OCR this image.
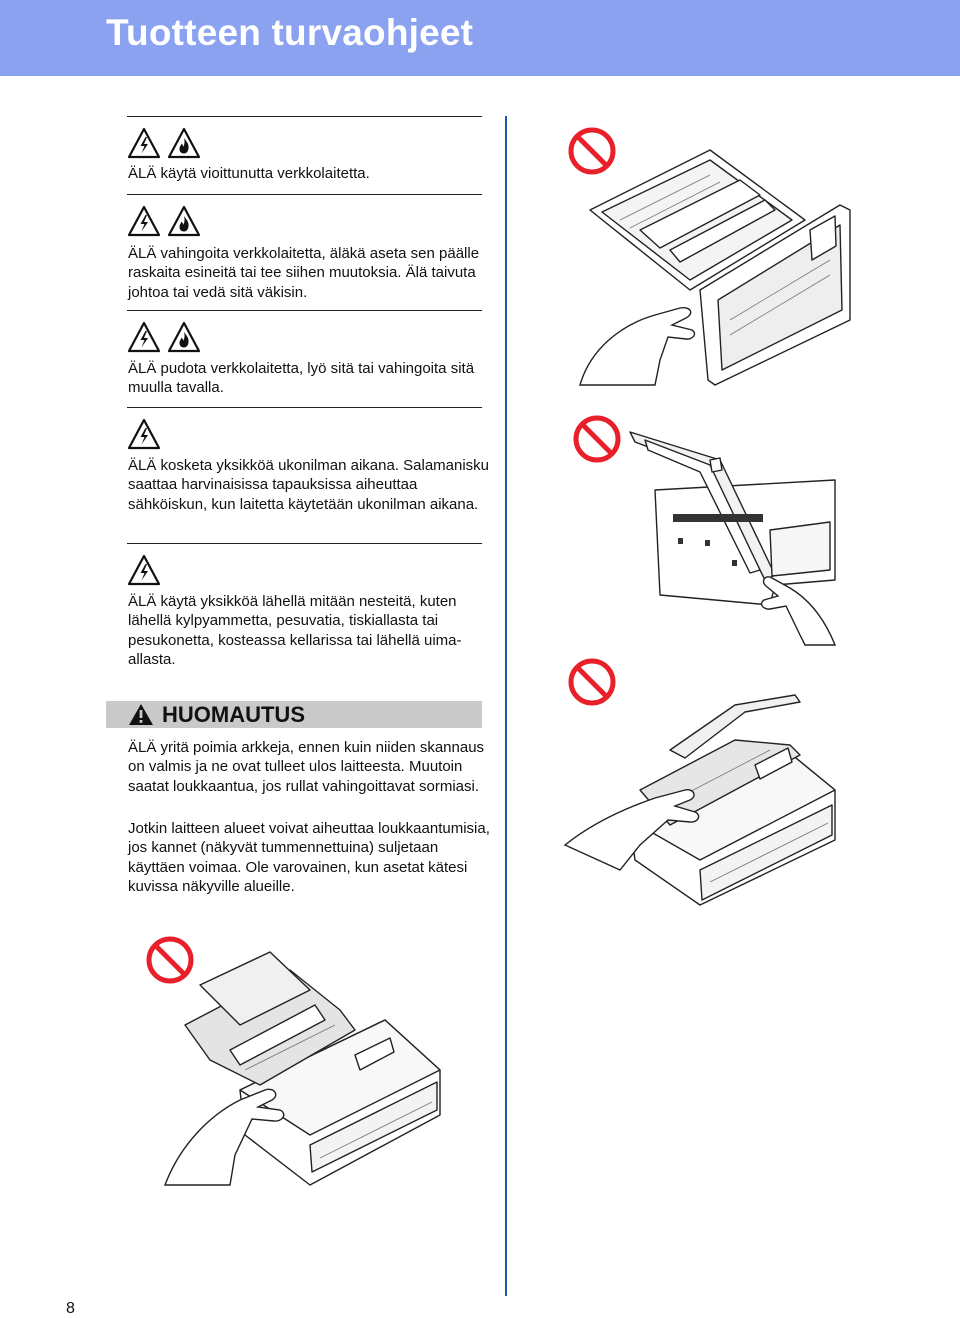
Tuotteen turvaohjeet

ÄLÄ käytä vioittunutta verkkolaitetta.

ÄLÄ vahingoita verkkolaitetta, äläkä aseta sen päälle raskaita esineitä tai tee siihen muutoksia. Älä taivuta johtoa tai vedä sitä väkisin.

ÄLÄ pudota verkkolaitetta, lyö sitä tai vahingoita sitä muulla tavalla.

ÄLÄ kosketa yksikköä ukonilman aikana. Salamanisku saattaa harvinaisissa tapauksissa aiheuttaa sähköiskun, kun laitetta käytetään ukonilman aikana.

ÄLÄ käytä yksikköä lähellä mitään nesteitä, kuten lähellä kylpyammetta, pesuvatia, tiskiallasta tai pesukonetta, kosteassa kellarissa tai lähellä uima-allasta.

HUOMAUTUS

ÄLÄ yritä poimia arkkeja, ennen kuin niiden skannaus on valmis ja ne ovat tulleet ulos laitteesta. Muutoin saatat loukkaantua, jos rullat vahingoittavat sormiasi.

Jotkin laitteen alueet voivat aiheuttaa loukkaantumisia, jos kannet (näkyvät tummennettuina) suljetaan käyttäen voimaa. Ole varovainen, kun asetat kätesi kuvissa näkyville alueille.

8
